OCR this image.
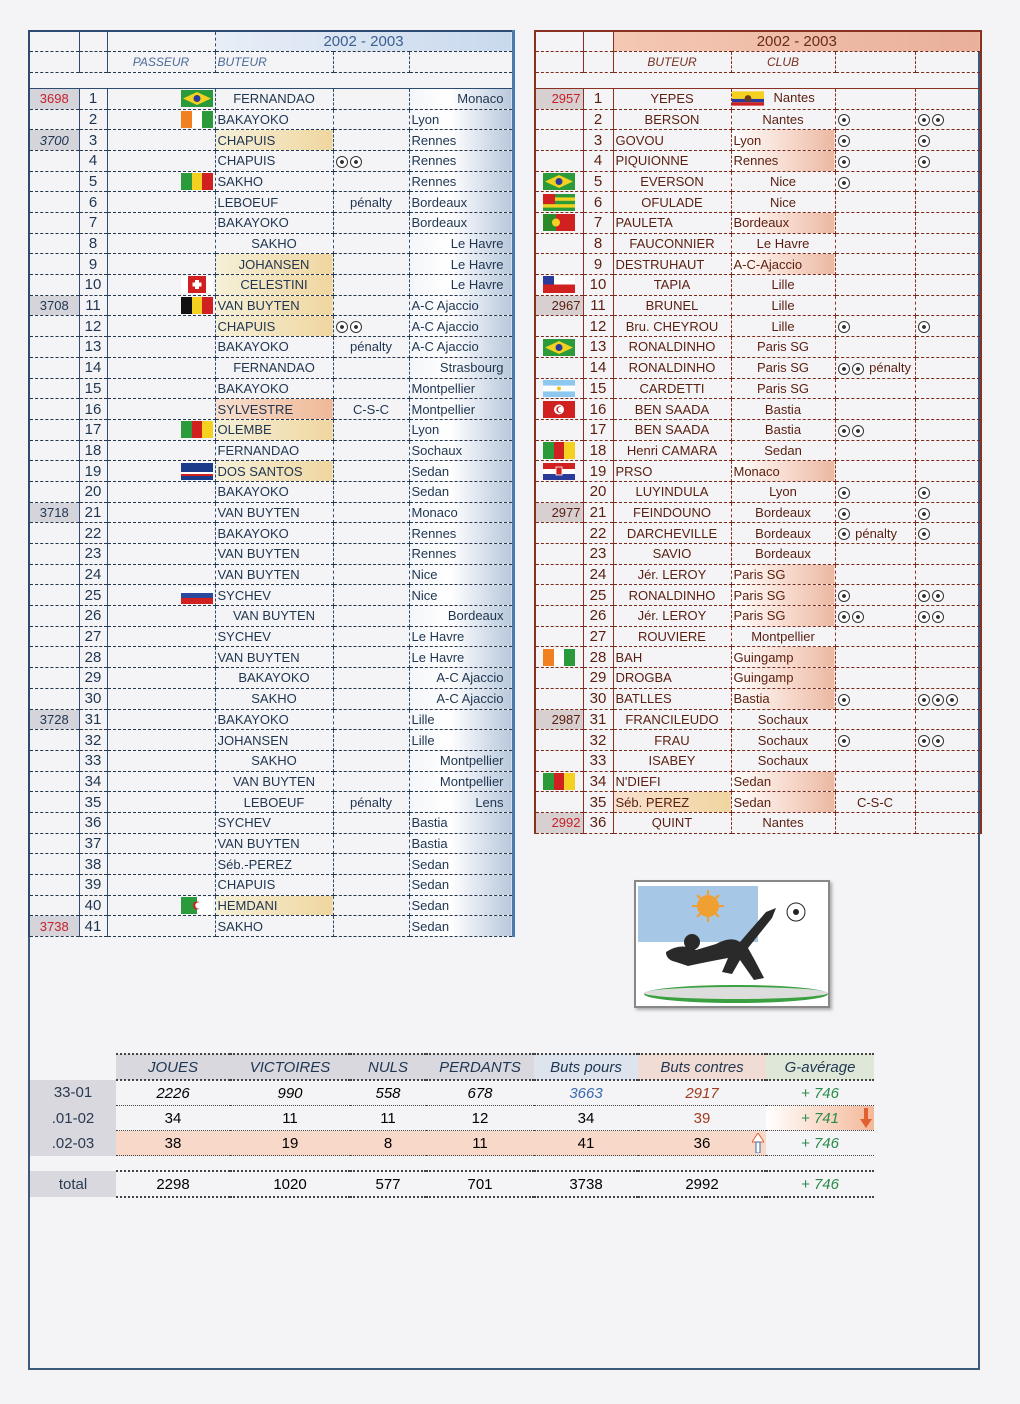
			2002 - 2003		
		PASSEUR	BUTEUR		

3698	1		FERNANDAO		Monaco
	2		BAKAYOKO		Lyon
3700	3		CHAPUIS		Rennes
	4		CHAPUIS		Rennes
	5		SAKHO		Rennes
	6		LEBOEUF	pénalty	Bordeaux
	7		BAKAYOKO		Bordeaux
	8		SAKHO		Le Havre
	9		JOHANSEN		Le Havre
	10		CELESTINI		Le Havre
3708	11		VAN BUYTEN		A-C Ajaccio
	12		CHAPUIS		A-C Ajaccio
	13		BAKAYOKO	pénalty	A-C Ajaccio
	14		FERNANDAO		Strasbourg
	15		BAKAYOKO		Montpellier
	16		SYLVESTRE	C-S-C	Montpellier
	17		OLEMBE		Lyon
	18		FERNANDAO		Sochaux
	19		DOS SANTOS		Sedan
	20		BAKAYOKO		Sedan
3718	21		VAN BUYTEN		Monaco
	22		BAKAYOKO		Rennes
	23		VAN BUYTEN		Rennes
	24		VAN BUYTEN		Nice
	25		SYCHEV		Nice
	26		VAN BUYTEN		Bordeaux
	27		SYCHEV		Le Havre
	28		VAN BUYTEN		Le Havre
	29		BAKAYOKO		A-C Ajaccio
	30		SAKHO		A-C Ajaccio
3728	31		BAKAYOKO		Lille
	32		JOHANSEN		Lille
	33		SAKHO		Montpellier
	34		VAN BUYTEN		Montpellier
	35		LEBOEUF	pénalty	Lens
	36		SYCHEV		Bastia
	37		VAN BUYTEN		Bastia
	38		Séb.-PEREZ		Sedan
	39		CHAPUIS		Sedan
	40		HEMDANI		Sedan
3738	41		SAKHO		Sedan
		2002 - 2003			
		BUTEUR	CLUB		

2957	1	YEPES	Nantes		
	2	BERSON	Nantes		
	3	GOVOU	Lyon		
	4	PIQUIONNE	Rennes		
	5	EVERSON	Nice		
	6	OFULADE	Nice		
	7	PAULETA	Bordeaux		
	8	FAUCONNIER	Le Havre		
	9	DESTRUHAUT	A-C-Ajaccio		
	10	TAPIA	Lille		
2967	11	BRUNEL	Lille		
	12	Bru. CHEYROU	Lille		
	13	RONALDINHO	Paris SG		
	14	RONALDINHO	Paris SG	pénalty	
	15	CARDETTI	Paris SG		
	16	BEN SAADA	Bastia		
	17	BEN SAADA	Bastia		
	18	Henri CAMARA	Sedan		
	19	PRSO	Monaco		
	20	LUYINDULA	Lyon		
2977	21	FEINDOUNO	Bordeaux		
	22	DARCHEVILLE	Bordeaux	pénalty	
	23	SAVIO	Bordeaux		
	24	Jér. LEROY	Paris SG		
	25	RONALDINHO	Paris SG		
	26	Jér. LEROY	Paris SG		
	27	ROUVIERE	Montpellier		
	28	BAH	Guingamp		
	29	DROGBA	Guingamp		
	30	BATLLES	Bastia		
2987	31	FRANCILEUDO	Sochaux		
	32	FRAU	Sochaux		
	33	ISABEY	Sochaux		
	34	N'DIEFI	Sedan		
	35	Séb. PEREZ	Sedan	C-S-C	
2992	36	QUINT	Nantes		
	JOUES	VICTOIRES	NULS	PERDANTS	Buts pours	Buts contres	G-avérage
33-01	2226	990	558	678	3663	2917	+ 746
.01-02	34	11	11	12	34	39	+ 741

.02-03	38	19	8	11	41	36	+ 746

total	2298	1020	577	701	3738	2992	+ 746
